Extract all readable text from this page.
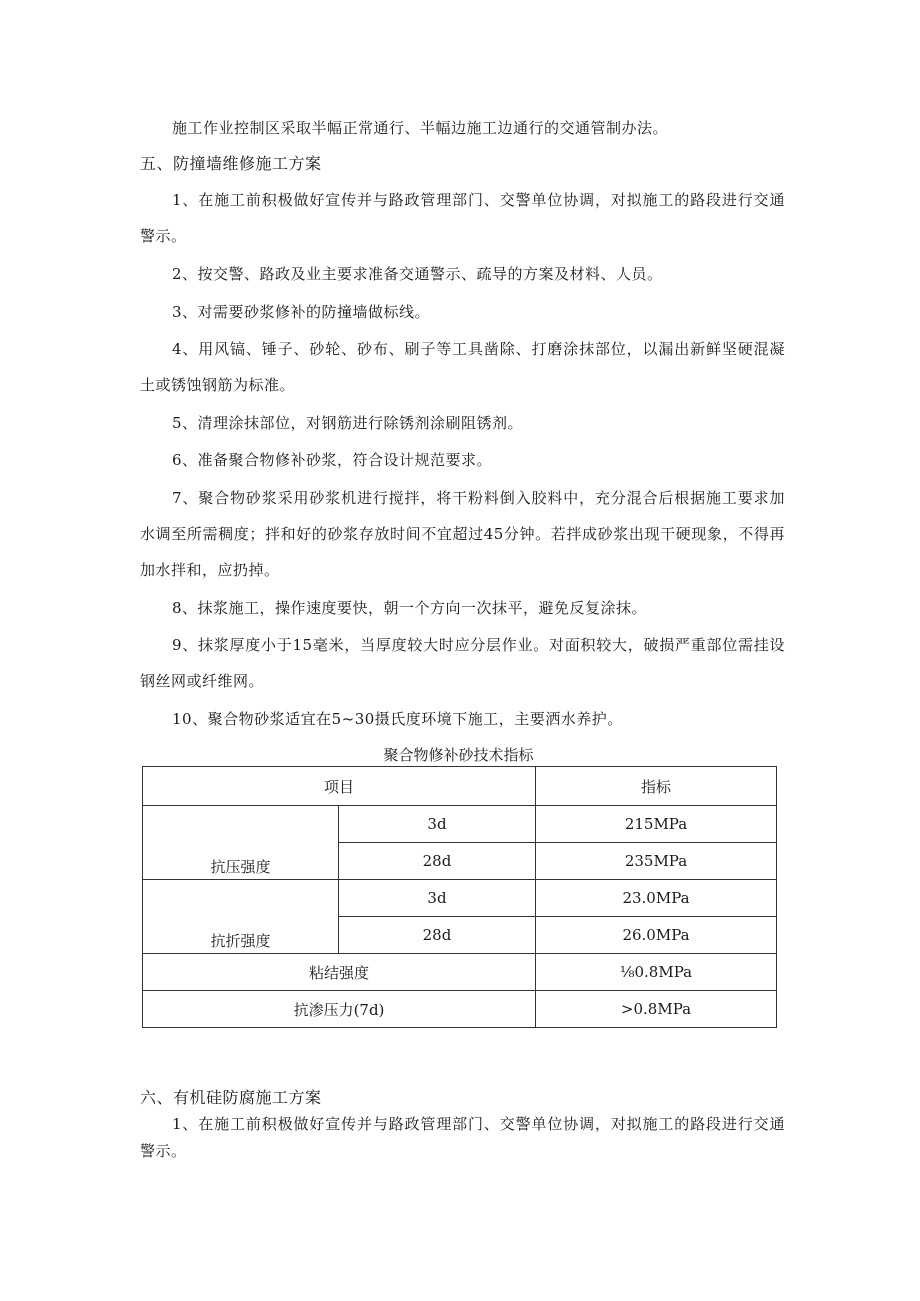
施工作业控制区采取半幅正常通行、半幅边施工边通行的交通管制办法。
五、防撞墙维修施工方案
1、在施工前积极做好宣传并与路政管理部门、交警单位协调，对拟施工的路段进行交通警示。
2、按交警、路政及业主要求准备交通警示、疏导的方案及材料、人员。
3、对需要砂浆修补的防撞墙做标线。
4、用风镐、锤子、砂轮、砂布、刷子等工具凿除、打磨涂抹部位，以漏出新鲜坚硬混凝土或锈蚀钢筋为标准。
5、清理涂抹部位，对钢筋进行除锈剂涂刷阻锈剂。
6、准备聚合物修补砂浆，符合设计规范要求。
7、聚合物砂浆采用砂浆机进行搅拌，将干粉料倒入胶料中，充分混合后根据施工要求加水调至所需稠度；拌和好的砂浆存放时间不宜超过45分钟。若拌成砂浆出现干硬现象，不得再加水拌和，应扔掉。
8、抹浆施工，操作速度要快，朝一个方向一次抹平，避免反复涂抹。
9、抹浆厚度小于15毫米，当厚度较大时应分层作业。对面积较大，破损严重部位需挂设钢丝网或纤维网。
10、聚合物砂浆适宜在5~30摄氏度环境下施工，主要洒水养护。
聚合物修补砂技术指标
项目		指标
抗压强度	3d	215MPa
	28d	235MPa
抗折强度	3d	23.0MPa
	28d	26.0MPa
粘结强度		⅛0.8MPa
抗渗压力(7d)		>0.8MPa
六、有机硅防腐施工方案
1、在施工前积极做好宣传并与路政管理部门、交警单位协调，对拟施工的路段进行交通警示。
